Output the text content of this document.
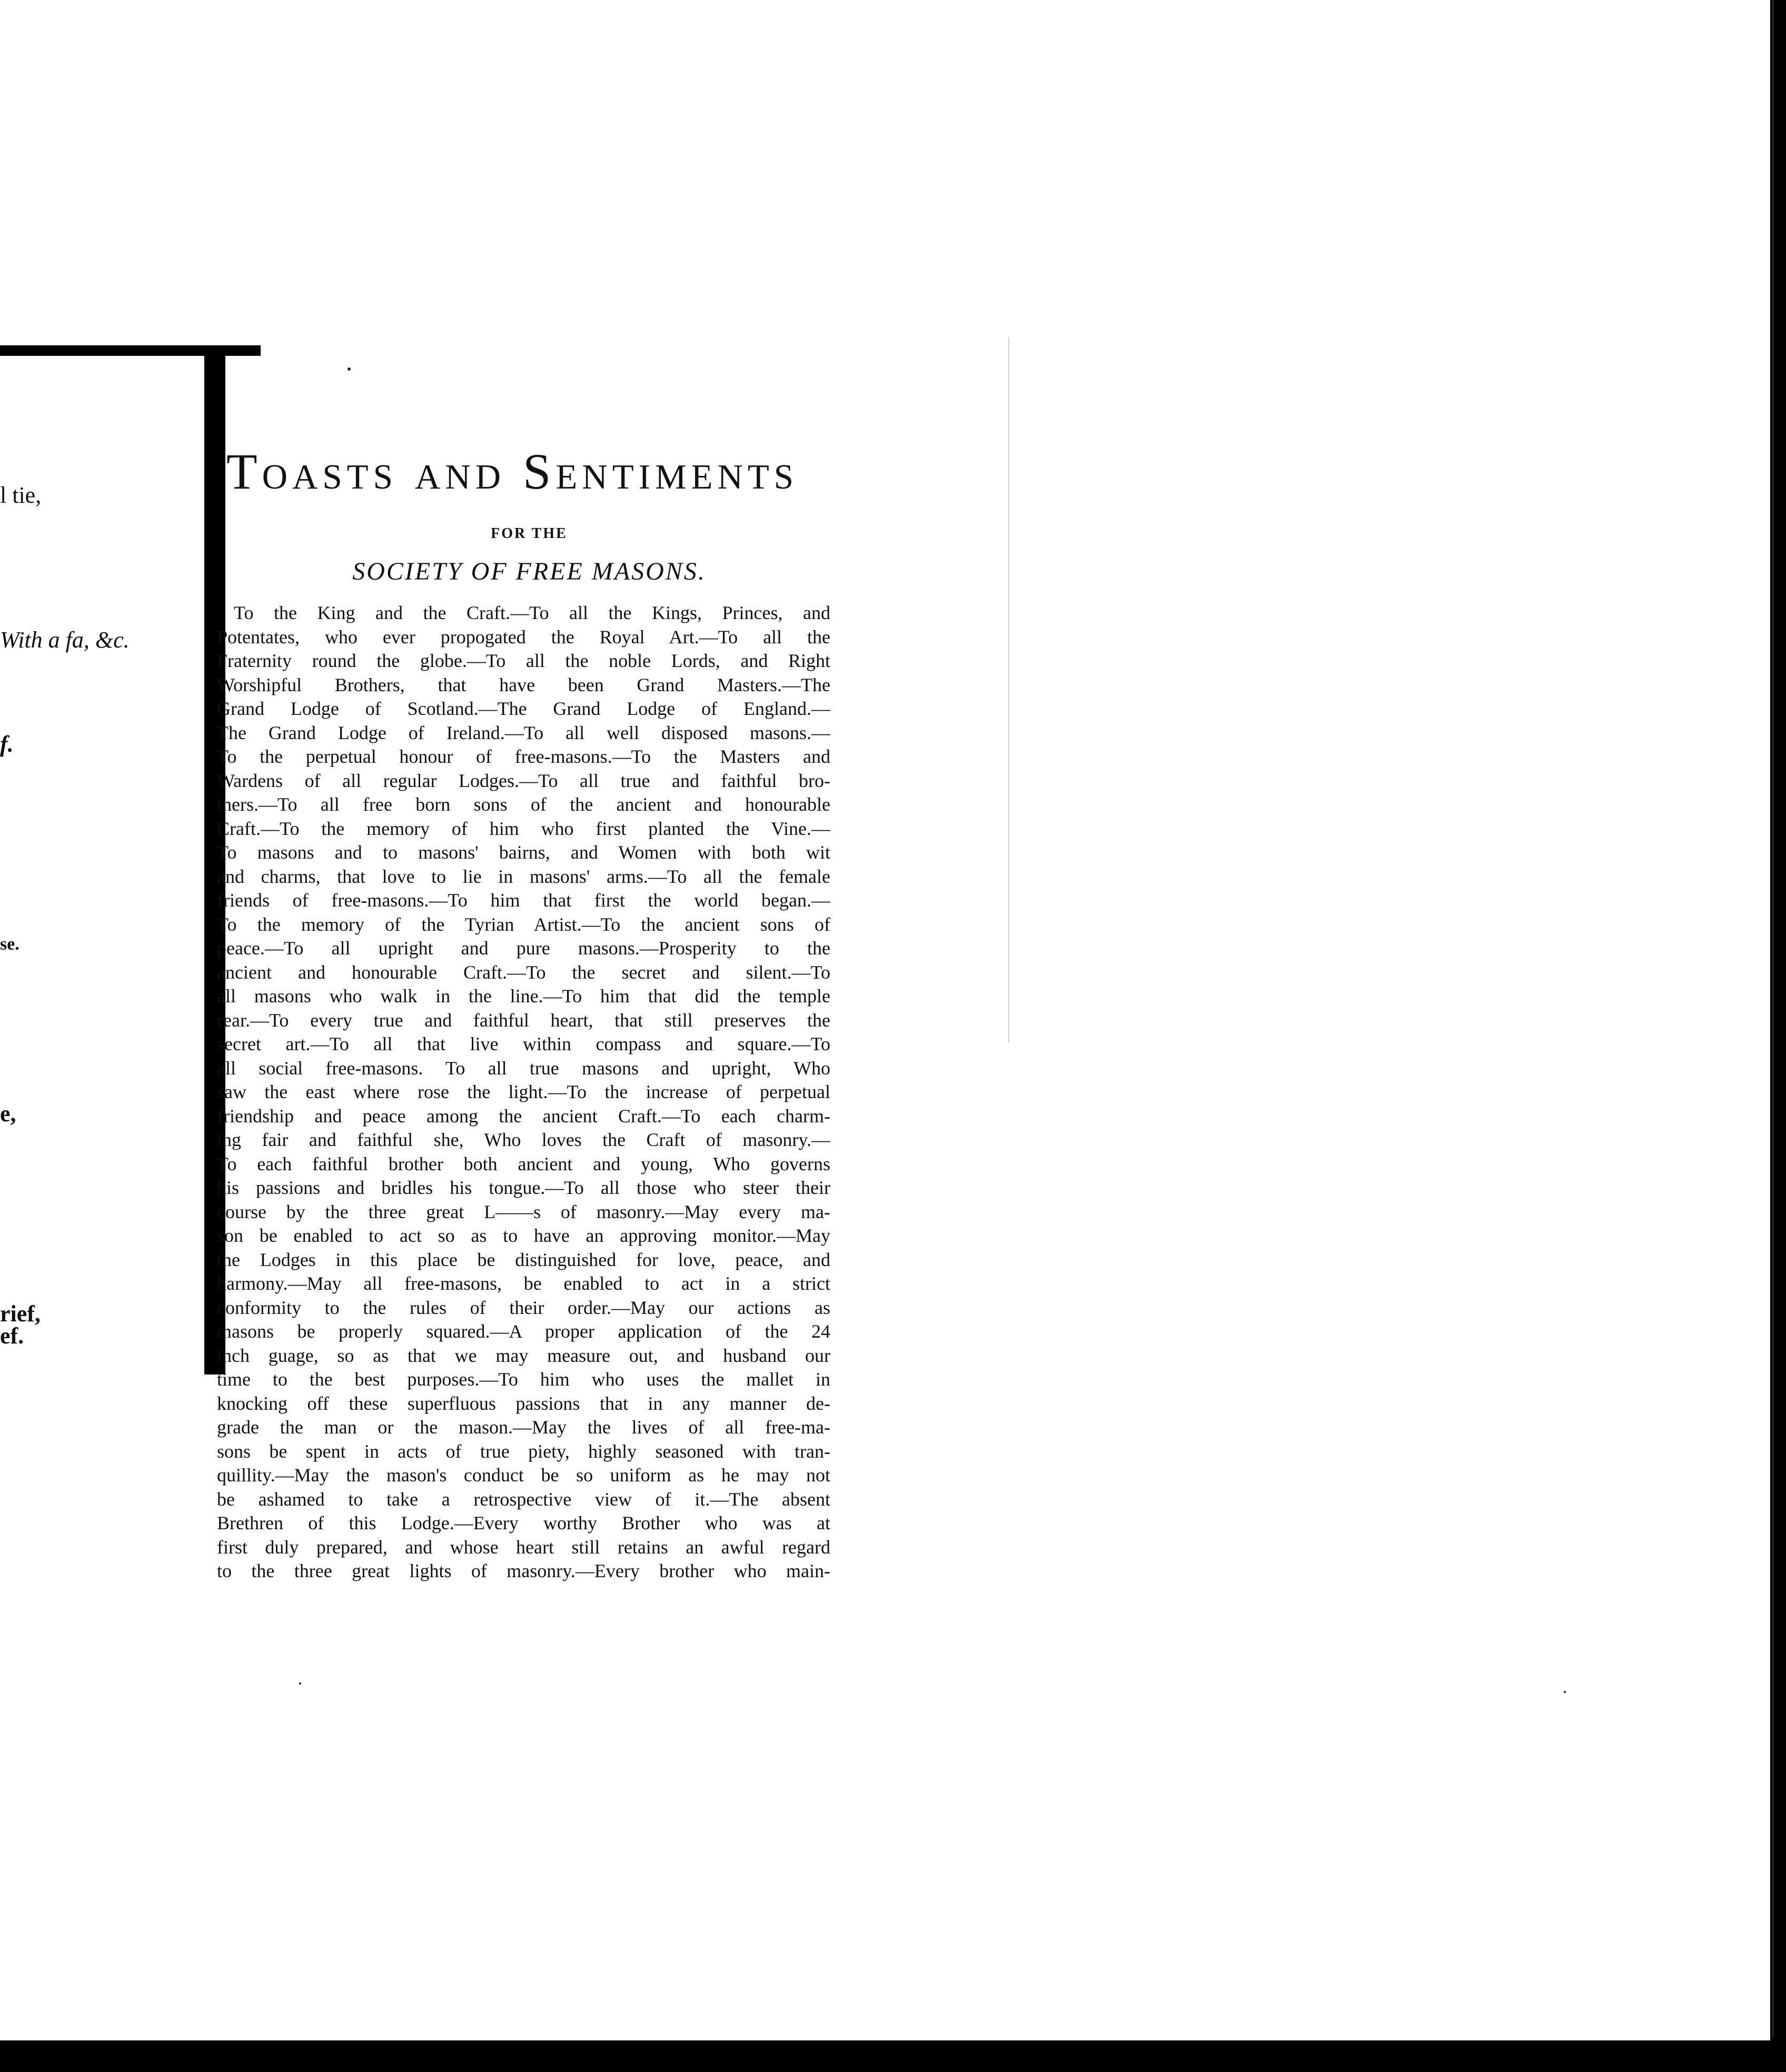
l tie,
With a fa, &c.
f.
se.
e,
rief,
ef.
Toasts and Sentiments
FOR THE
SOCIETY OF FREE MASONS.
To the King and the Craft.—To all the Kings, Princes, and
Potentates, who ever propogated the Royal Art.—To all the
Fraternity round the globe.—To all the noble Lords, and Right
Worshipful Brothers, that have been Grand Masters.—The
Grand Lodge of Scotland.—The Grand Lodge of England.—
The Grand Lodge of Ireland.—To all well disposed masons.—
To the perpetual honour of free-masons.—To the Masters and
Wardens of all regular Lodges.—To all true and faithful bro-
thers.—To all free born sons of the ancient and honourable
Craft.—To the memory of him who first planted the Vine.—
To masons and to masons' bairns, and Women with both wit
and charms, that love to lie in masons' arms.—To all the female
friends of free-masons.—To him that first the world began.—
To the memory of the Tyrian Artist.—To the ancient sons of
peace.—To all upright and pure masons.—Prosperity to the
ancient and honourable Craft.—To the secret and silent.—To
all masons who walk in the line.—To him that did the temple
rear.—To every true and faithful heart, that still preserves the
secret art.—To all that live within compass and square.—To
all social free-masons. To all true masons and upright, Who
saw the east where rose the light.—To the increase of perpetual
friendship and peace among the ancient Craft.—To each charm-
ing fair and faithful she, Who loves the Craft of masonry.—
To each faithful brother both ancient and young, Who governs
his passions and bridles his tongue.—To all those who steer their
course by the three great L——s of masonry.—May every ma-
son be enabled to act so as to have an approving monitor.—May
the Lodges in this place be distinguished for love, peace, and
harmony.—May all free-masons, be enabled to act in a strict
conformity to the rules of their order.—May our actions as
masons be properly squared.—A proper application of the 24
inch guage, so as that we may measure out, and husband our
time to the best purposes.—To him who uses the mallet in
knocking off these superfluous passions that in any manner de-
grade the man or the mason.—May the lives of all free-ma-
sons be spent in acts of true piety, highly seasoned with tran-
quillity.—May the mason's conduct be so uniform as he may not
be ashamed to take a retrospective view of it.—The absent
Brethren of this Lodge.—Every worthy Brother who was at
first duly prepared, and whose heart still retains an awful regard
to the three great lights of masonry.—Every brother who main-
